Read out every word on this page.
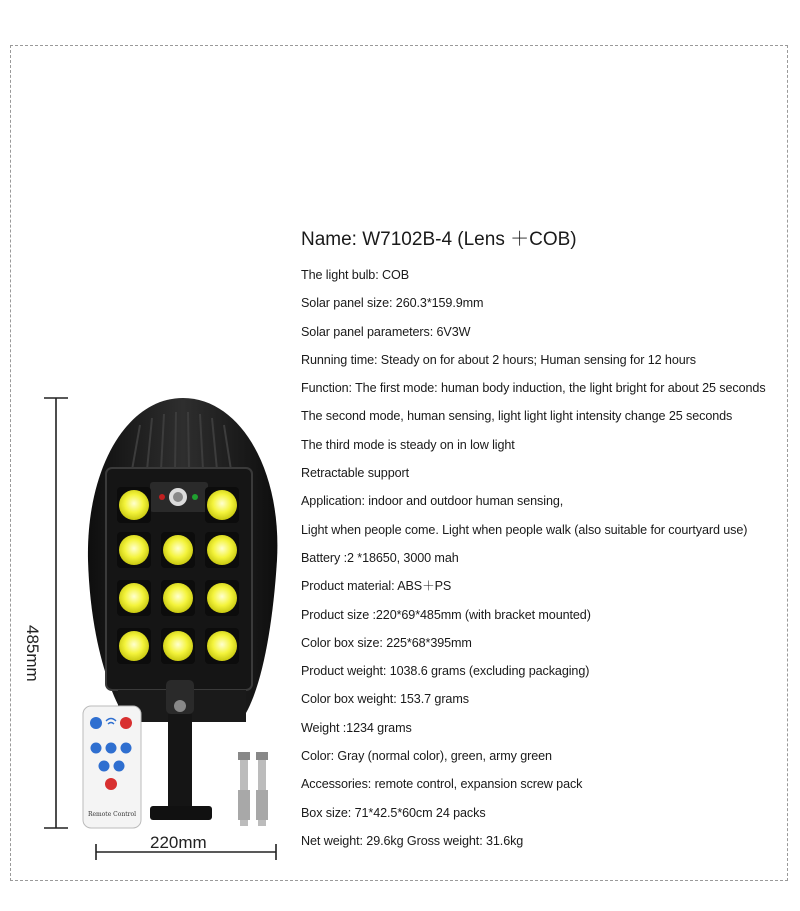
Remote Control
485mm
220mm
Name: W7102B-4 (Lens ＋COB)
The light bulb: COB
Solar panel size: 260.3*159.9mm
Solar panel parameters: 6V3W
Running time: Steady on for about 2 hours; Human sensing for 12 hours
Function: The first mode: human body induction, the light bright for about 25 seconds
The second mode, human sensing, light light light intensity change 25 seconds
The third mode is steady on in low light
Retractable support
Application: indoor and outdoor human sensing,
Light when people come. Light when people walk (also suitable for courtyard use)
Battery :2 *18650, 3000 mah
Product material: ABS＋PS
Product size :220*69*485mm (with bracket mounted)
Color box size: 225*68*395mm
Product weight: 1038.6 grams (excluding packaging)
Color box weight: 153.7 grams
Weight :1234 grams
Color: Gray (normal color), green, army green
Accessories: remote control, expansion screw pack
Box size: 71*42.5*60cm 24 packs
Net weight: 29.6kg Gross weight: 31.6kg
